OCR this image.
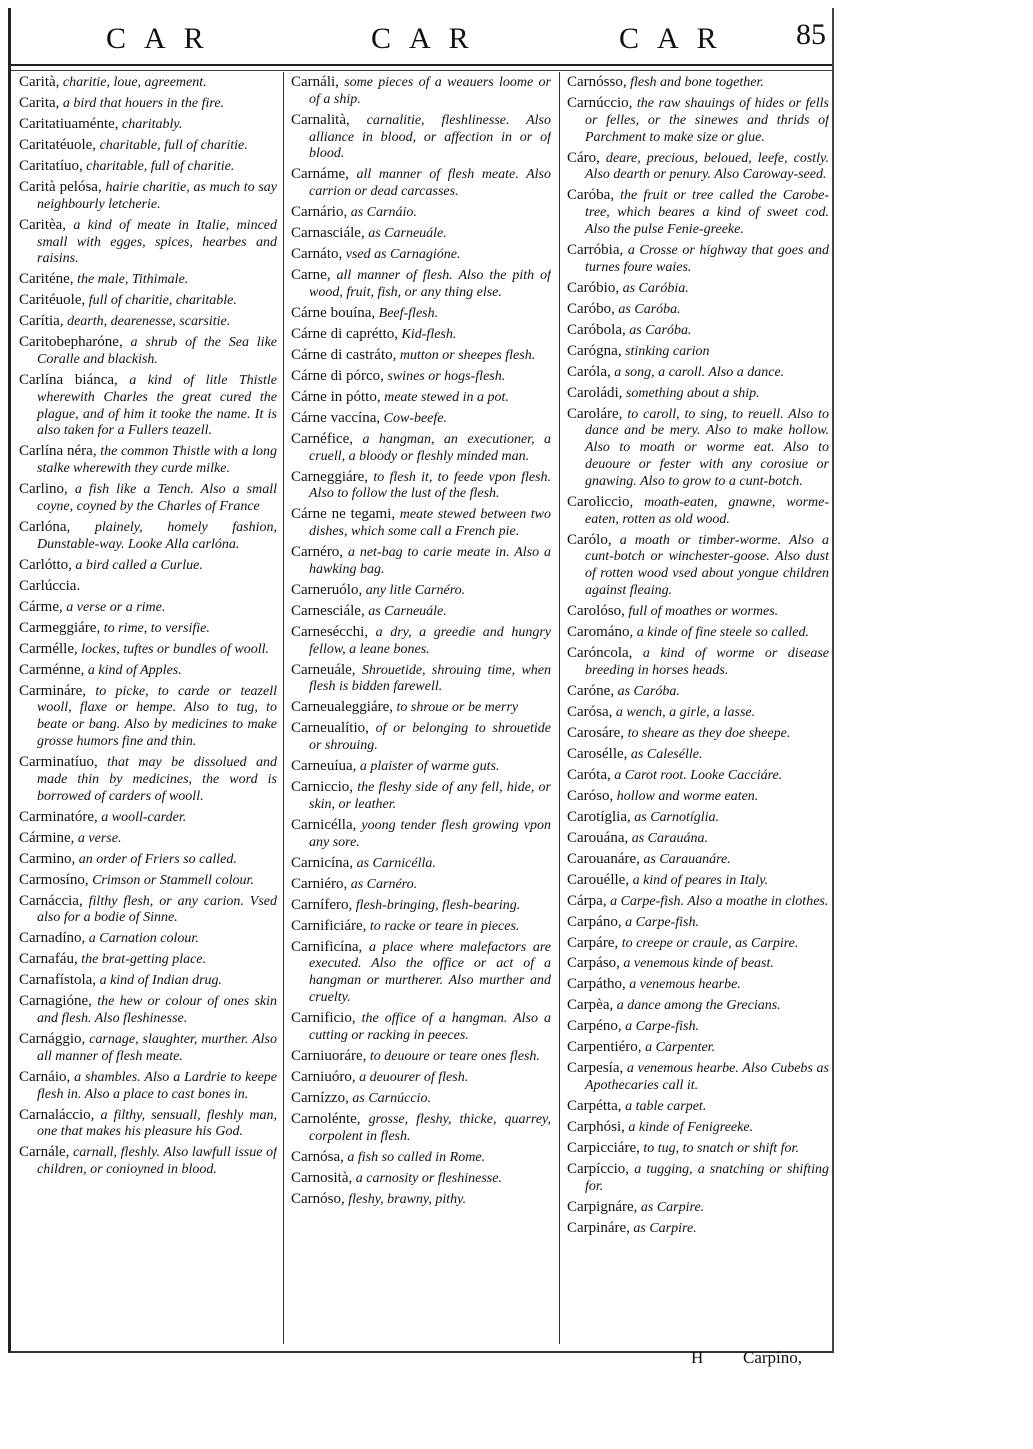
CAR	CAR	CAR 85
Carità, charitie, loue, agreement.
Carita, a bird that houers in the fire.
Caritatiuaménte, charitably.
Caritatéuole, charitable, full of charitie.
Caritatíuo, charitable, full of charitie.
Carità pelósa, hairie charitie, as much to say neighbourly letcherie.
Caritèa, a kind of meate in Italie, minced small with egges, spices, hearbes and raisins.
Cariténe, the male, Tithimale.
Caritéuole, full of charitie, charitable.
Carítia, dearth, dearenesse, scarsitie.
Caritobepharóne, a shrub of the Sea like Coralle and blackish.
Carlína biánca, a kind of litle Thistle wherewith Charles the great cured the plague, and of him it tooke the name. It is also taken for a Fullers teazell.
Carlína néra, the common Thistle with a long stalke wherewith they curde milke.
Carlino, a fish like a Tench. Also a small coyne, coyned by the Charles of France
Carlóna, plainely, homely fashion, Dunstable-way. Looke Alla carlóna.
Carlótto, a bird called a Curlue.
Carlúccia.
Cárme, a verse or a rime.
Carmeggiáre, to rime, to versifie.
Carmélle, lockes, tuftes or bundles of wooll.
Carménne, a kind of Apples.
Carmináre, to picke, to carde or teazell wooll, flaxe or hempe. Also to tug, to beate or bang. Also by medicines to make grosse humors fine and thin.
Carminatíuo, that may be dissolued and made thin by medicines, the word is borrowed of carders of wooll.
Carminatóre, a wooll-carder.
Cármine, a verse.
Carmino, an order of Friers so called.
Carmosíno, Crimson or Stammell colour.
Carnáccia, filthy flesh, or any carion. Vsed also for a bodie of Sinne.
Carnadíno, a Carnation colour.
Carnafáu, the brat-getting place.
Carnafístola, a kind of Indian drug.
Carnagióne, the hew or colour of ones skin and flesh. Also fleshinesse.
Carnággio, carnage, slaughter, murther. Also all manner of flesh meate.
Carnáio, a shambles. Also a Lardrie to keepe flesh in. Also a place to cast bones in.
Carnaláccio, a filthy, sensuall, fleshly man, one that makes his pleasure his God.
Carnále, carnall, fleshly. Also lawfull issue of children, or conioyned in blood.
Carnáli, some pieces of a weauers loome or of a ship.
Carnalità, carnalitie, fleshlinesse. Also alliance in blood, or affection in or of blood.
Carnáme, all manner of flesh meate. Also carrion or dead carcasses.
Carnário, as Carnáio.
Carnasciále, as Carneuále.
Carnáto, vsed as Carnagióne.
Carne, all manner of flesh. Also the pith of wood, fruit, fish, or any thing else.
Cárne bouína, Beef-flesh.
Cárne di caprétto, Kid-flesh.
Cárne di castráto, mutton or sheepes flesh.
Cárne di pórco, swines or hogs-flesh.
Cárne in pótto, meate stewed in a pot.
Cárne vaccína, Cow-beefe.
Carnéfice, a hangman, an executioner, a cruell, a bloody or fleshly minded man.
Carneggiáre, to flesh it, to feede vpon flesh. Also to follow the lust of the flesh.
Cárne ne tegami, meate stewed between two dishes, which some call a French pie.
Carnéro, a net-bag to carie meate in. Also a hawking bag.
Carneruólo, any litle Carnéro.
Carnesciále, as Carneuále.
Carnesécchi, a dry, a greedie and hungry fellow, a leane bones.
Carneuále, Shrouetide, shrouing time, when flesh is bidden farewell.
Carneualeggiáre, to shroue or be merry
Carneualítio, of or belonging to shrouetide or shrouing.
Carneuíua, a plaister of warme guts.
Carniccio, the fleshy side of any fell, hide, or skin, or leather.
Carnicélla, yoong tender flesh growing vpon any sore.
Carnicína, as Carnicélla.
Carniéro, as Carnéro.
Carnífero, flesh-bringing, flesh-bearing.
Carnificiáre, to racke or teare in pieces.
Carnificína, a place where malefactors are executed. Also the office or act of a hangman or murtherer. Also murther and cruelty.
Carnificio, the office of a hangman. Also a cutting or racking in peeces.
Carniuoráre, to deuoure or teare ones flesh.
Carniuóro, a deuourer of flesh.
Carnízzo, as Carnúccio.
Carnolénte, grosse, fleshy, thicke, quarrey, corpolent in flesh.
Carnósa, a fish so called in Rome.
Carnosità, a carnosity or fleshinesse.
Carnóso, fleshy, brawny, pithy.
Carnósso, flesh and bone together.
Carnúccio, the raw shauings of hides or fells or felles, or the sinewes and thrids of Parchment to make size or glue.
Cáro, deare, precious, beloued, leefe, costly. Also dearth or penury. Also Caroway-seed.
Caróba, the fruit or tree called the Carobe-tree, which beares a kind of sweet cod. Also the pulse Fenie-greeke.
Carróbia, a Crosse or highway that goes and turnes foure waies.
Caróbio, as Caróbia.
Caróbo, as Caróba.
Caróbola, as Caróba.
Carógna, stinking carion
Caróla, a song, a caroll. Also a dance.
Caroládi, something about a ship.
Caroláre, to caroll, to sing, to reuell. Also to dance and be mery. Also to make hollow. Also to moath or worme eat. Also to deuoure or fester with any corosiue or gnawing. Also to grow to a cunt-botch.
Caroliccio, moath-eaten, gnawne, worme-eaten, rotten as old wood.
Carólo, a moath or timber-worme. Also a cunt-botch or winchester-goose. Also dust of rotten wood vsed about yongue children against fleaing.
Carolóso, full of moathes or wormes.
Carománo, a kinde of fine steele so called.
Caróncola, a kind of worme or disease breeding in horses heads.
Caróne, as Caróba.
Carósa, a wench, a girle, a lasse.
Carosáre, to sheare as they doe sheepe.
Carosélle, as Calesélle.
Caróta, a Carot root. Looke Cacciáre.
Caróso, hollow and worme eaten.
Carotíglia, as Carnotíglia.
Carouána, as Carauána.
Carouanáre, as Carauanáre.
Carouélle, a kind of peares in Italy.
Cárpa, a Carpe-fish. Also a moathe in clothes.
Carpáno, a Carpe-fish.
Carpáre, to creepe or craule, as Carpire.
Carpáso, a venemous kinde of beast.
Carpátho, a venemous hearbe.
Carpèa, a dance among the Grecians.
Carpéno, a Carpe-fish.
Carpentiéro, a Carpenter.
Carpesía, a venemous hearbe. Also Cubebs as Apothecaries call it.
Carpétta, a table carpet.
Carphósi, a kinde of Fenigreeke.
Carpicciáre, to tug, to snatch or shift for.
Carpíccio, a tugging, a snatching or shifting for.
Carpignáre, as Carpire.
Carpináre, as Carpire.
H Carpíno,
